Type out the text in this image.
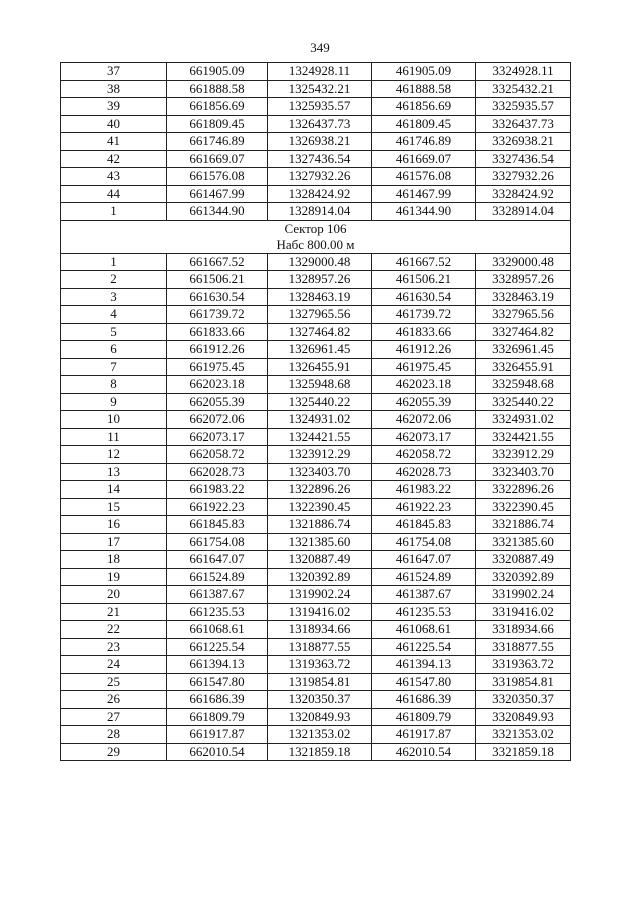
349
37	661905.09	1324928.11	461905.09	3324928.11
38	661888.58	1325432.21	461888.58	3325432.21
39	661856.69	1325935.57	461856.69	3325935.57
40	661809.45	1326437.73	461809.45	3326437.73
41	661746.89	1326938.21	461746.89	3326938.21
42	661669.07	1327436.54	461669.07	3327436.54
43	661576.08	1327932.26	461576.08	3327932.26
44	661467.99	1328424.92	461467.99	3328424.92
1	661344.90	1328914.04	461344.90	3328914.04

Сектор 106
Набс 800.00 м				

1	661667.52	1329000.48	461667.52	3329000.48
2	661506.21	1328957.26	461506.21	3328957.26
3	661630.54	1328463.19	461630.54	3328463.19
4	661739.72	1327965.56	461739.72	3327965.56
5	661833.66	1327464.82	461833.66	3327464.82
6	661912.26	1326961.45	461912.26	3326961.45
7	661975.45	1326455.91	461975.45	3326455.91
8	662023.18	1325948.68	462023.18	3325948.68
9	662055.39	1325440.22	462055.39	3325440.22
10	662072.06	1324931.02	462072.06	3324931.02
11	662073.17	1324421.55	462073.17	3324421.55
12	662058.72	1323912.29	462058.72	3323912.29
13	662028.73	1323403.70	462028.73	3323403.70
14	661983.22	1322896.26	461983.22	3322896.26
15	661922.23	1322390.45	461922.23	3322390.45
16	661845.83	1321886.74	461845.83	3321886.74
17	661754.08	1321385.60	461754.08	3321385.60
18	661647.07	1320887.49	461647.07	3320887.49
19	661524.89	1320392.89	461524.89	3320392.89
20	661387.67	1319902.24	461387.67	3319902.24
21	661235.53	1319416.02	461235.53	3319416.02
22	661068.61	1318934.66	461068.61	3318934.66
23	661225.54	1318877.55	461225.54	3318877.55
24	661394.13	1319363.72	461394.13	3319363.72
25	661547.80	1319854.81	461547.80	3319854.81
26	661686.39	1320350.37	461686.39	3320350.37
27	661809.79	1320849.93	461809.79	3320849.93
28	661917.87	1321353.02	461917.87	3321353.02
29	662010.54	1321859.18	462010.54	3321859.18
